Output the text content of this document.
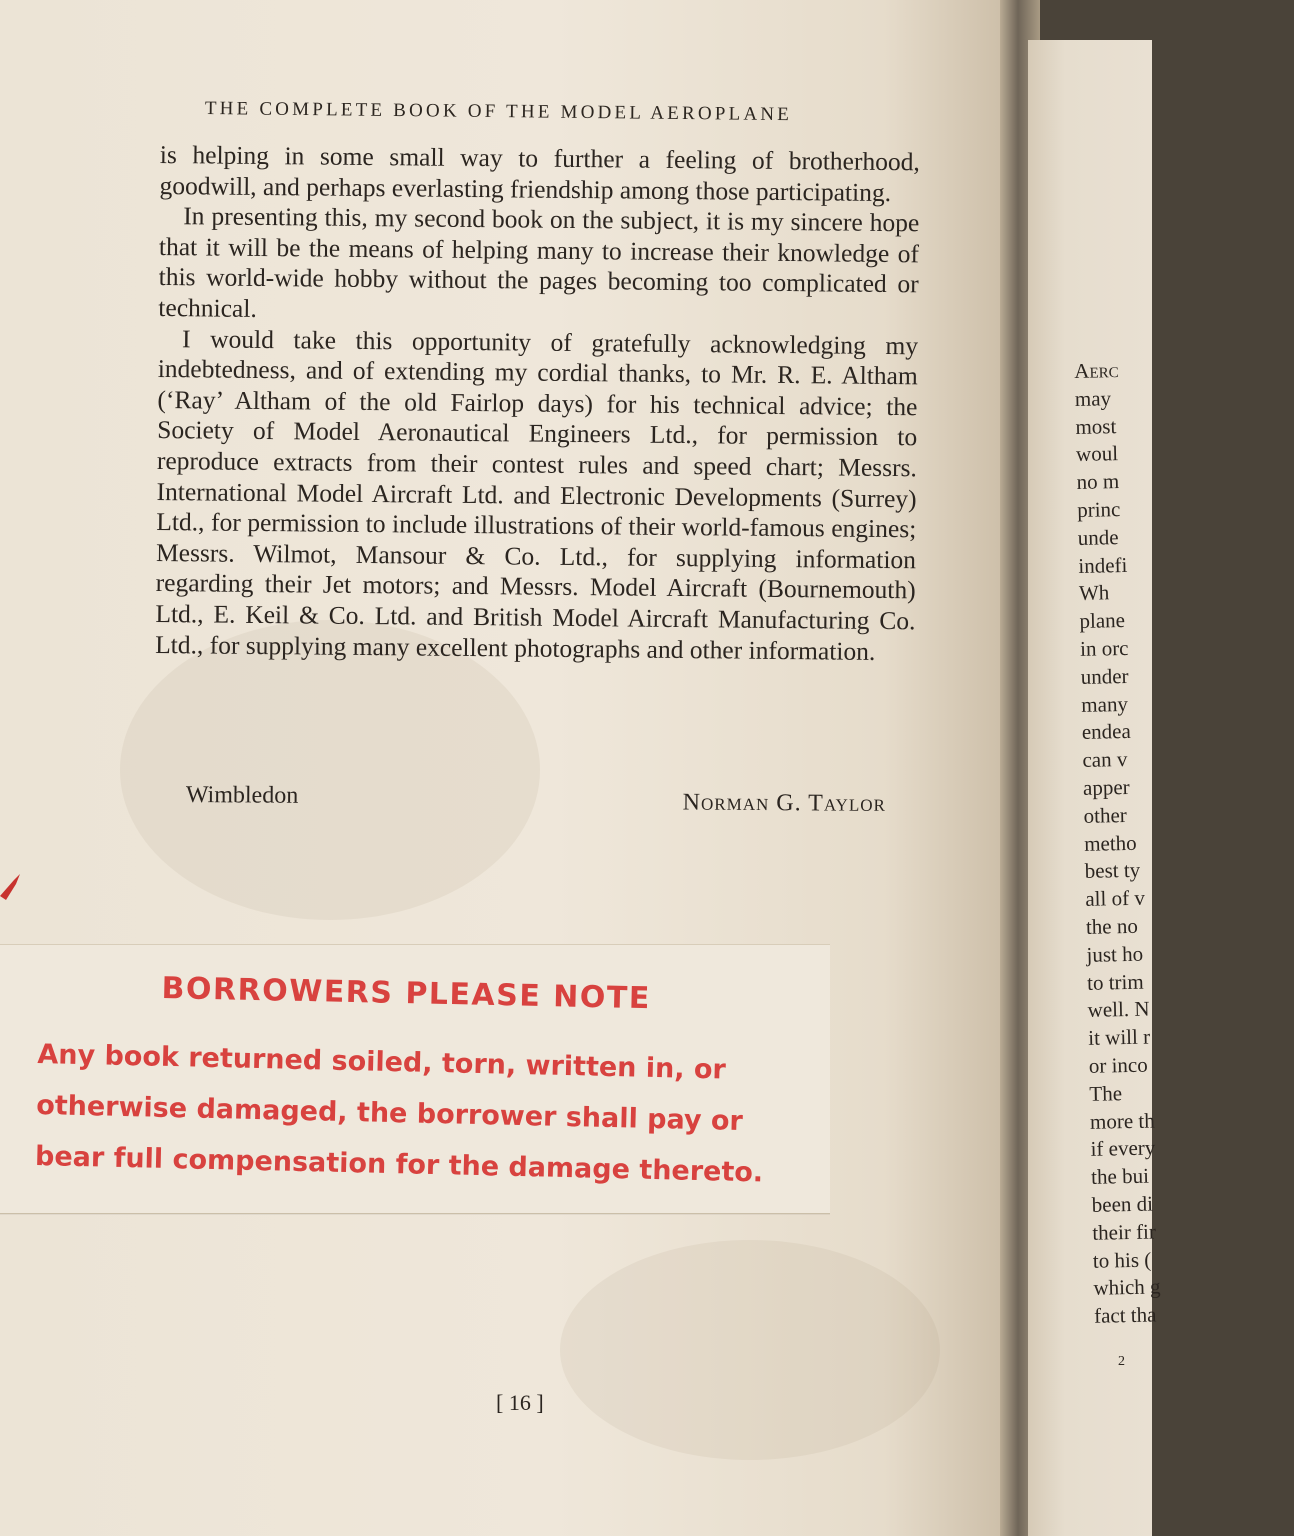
THE COMPLETE BOOK OF THE MODEL AEROPLANE

is helping in some small way to further a feeling of brotherhood, goodwill, and perhaps everlasting friendship among those participating.

In presenting this, my second book on the subject, it is my sincere hope that it will be the means of helping many to increase their knowledge of this world-wide hobby without the pages becoming too complicated or technical.

I would take this opportunity of gratefully acknowledging my indebtedness, and of extending my cordial thanks, to Mr. R. E. Altham (‘Ray’ Altham of the old Fairlop days) for his technical advice; the Society of Model Aeronautical Engineers Ltd., for permission to reproduce extracts from their contest rules and speed chart; Messrs. International Model Aircraft Ltd. and Electronic Developments (Surrey) Ltd., for permission to include illustrations of their world-famous engines; Messrs. Wilmot, Mansour & Co. Ltd., for supplying information regarding their Jet motors; and Messrs. Model Aircraft (Bournemouth) Ltd., E. Keil & Co. Ltd. and British Model Aircraft Manufacturing Co. Ltd., for supplying many excellent photographs and other information.

Wimbledon	Norman G. Taylor
BORROWERS PLEASE NOTE
Any book returned soiled, torn, written in, or
otherwise damaged, the borrower shall pay or
bear full compensation for the damage thereto.
[ 16 ]
Aerc
may
most
woul
no m
princ
unde
indefi
Wh
plane
in orc
under
many
endea
can v
apper
other
metho
best ty
all of v
the no
just ho
to trim
well. N
it will r
or inco
The
more th
if every
the bui
been di
their fir
to his (
which g
fact tha
2
